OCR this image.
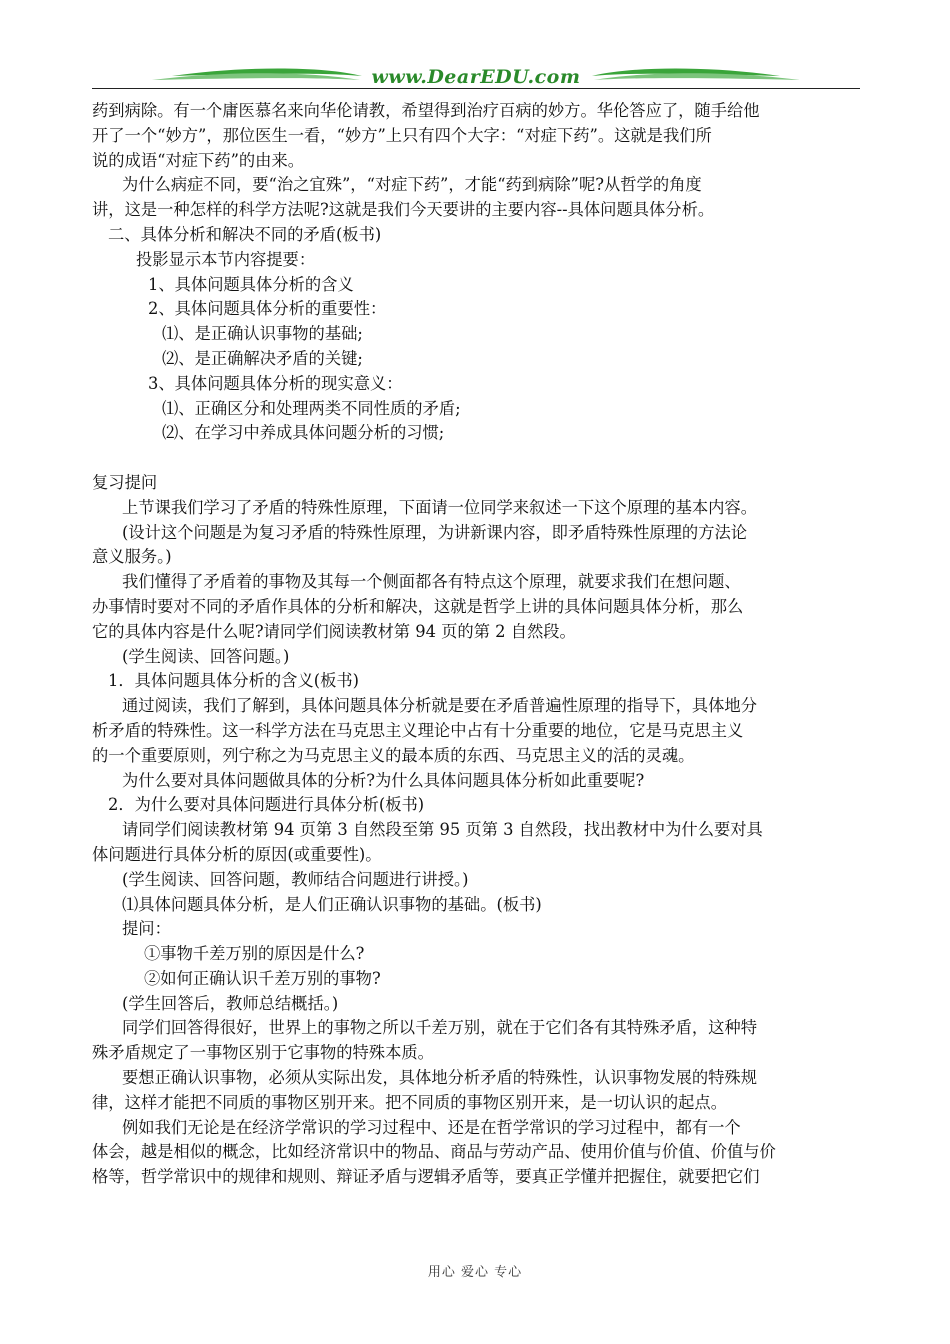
www.DearEDU.com
药到病除。有一个庸医慕名来向华伦请教，希望得到治疗百病的妙方。华伦答应了，随手给他
开了一个“妙方”，那位医生一看，“妙方”上只有四个大字：“对症下药”。这就是我们所
说的成语“对症下药”的由来。
为什么病症不同，要“治之宜殊”，“对症下药”，才能“药到病除”呢?从哲学的角度
讲，这是一种怎样的科学方法呢?这就是我们今天要讲的主要内容--具体问题具体分析。
二、具体分析和解决不同的矛盾(板书)
投影显示本节内容提要：
1、具体问题具体分析的含义
2、具体问题具体分析的重要性：
⑴、是正确认识事物的基础;
⑵、是正确解决矛盾的关键;
3、具体问题具体分析的现实意义：
⑴、正确区分和处理两类不同性质的矛盾;
⑵、在学习中养成具体问题分析的习惯;
复习提问
上节课我们学习了矛盾的特殊性原理，下面请一位同学来叙述一下这个原理的基本内容。
(设计这个问题是为复习矛盾的特殊性原理，为讲新课内容，即矛盾特殊性原理的方法论
意义服务。)
我们懂得了矛盾着的事物及其每一个侧面都各有特点这个原理，就要求我们在想问题、
办事情时要对不同的矛盾作具体的分析和解决，这就是哲学上讲的具体问题具体分析，那么
它的具体内容是什么呢?请同学们阅读教材第 94 页的第 2 自然段。
(学生阅读、回答问题。)
1．具体问题具体分析的含义(板书)
通过阅读，我们了解到，具体问题具体分析就是要在矛盾普遍性原理的指导下，具体地分
析矛盾的特殊性。这一科学方法在马克思主义理论中占有十分重要的地位，它是马克思主义
的一个重要原则，列宁称之为马克思主义的最本质的东西、马克思主义的活的灵魂。
为什么要对具体问题做具体的分析?为什么具体问题具体分析如此重要呢?
2．为什么要对具体问题进行具体分析(板书)
请同学们阅读教材第 94 页第 3 自然段至第 95 页第 3 自然段，找出教材中为什么要对具
体问题进行具体分析的原因(或重要性)。
(学生阅读、回答问题，教师结合问题进行讲授。)
⑴具体问题具体分析，是人们正确认识事物的基础。(板书)
提问：
①事物千差万别的原因是什么?
②如何正确认识千差万别的事物?
(学生回答后，教师总结概括。)
同学们回答得很好，世界上的事物之所以千差万别，就在于它们各有其特殊矛盾，这种特
殊矛盾规定了一事物区别于它事物的特殊本质。
要想正确认识事物，必须从实际出发，具体地分析矛盾的特殊性，认识事物发展的特殊规
律，这样才能把不同质的事物区别开来。把不同质的事物区别开来，是一切认识的起点。
例如我们无论是在经济学常识的学习过程中、还是在哲学常识的学习过程中，都有一个
体会，越是相似的概念，比如经济常识中的物品、商品与劳动产品、使用价值与价值、价值与价
格等，哲学常识中的规律和规则、辩证矛盾与逻辑矛盾等，要真正学懂并把握住，就要把它们
用心 爱心 专心
